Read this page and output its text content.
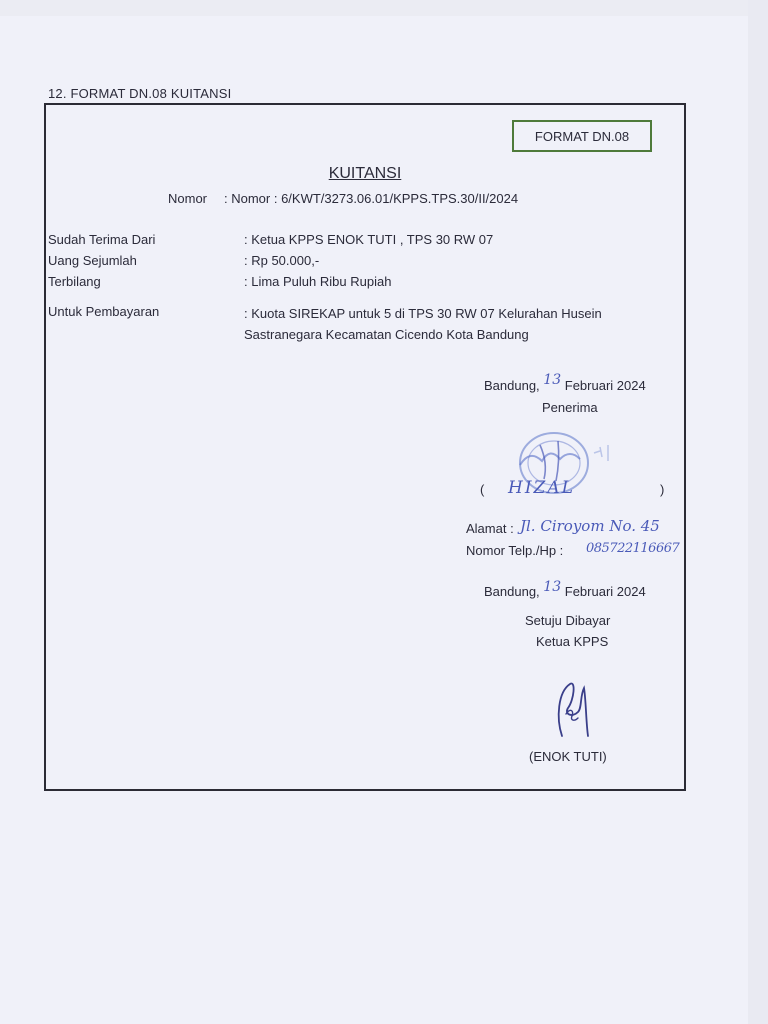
12. FORMAT DN.08 KUITANSI
FORMAT DN.08
KUITANSI
Nomor : Nomor : 6/KWT/3273.06.01/KPPS.TPS.30/II/2024
Sudah Terima Dari	: Ketua KPPS ENOK TUTI , TPS 30 RW 07
Uang Sejumlah	: Rp 50.000,-
Terbilang	: Lima Puluh Ribu Rupiah
Untuk Pembayaran	: Kuota SIREKAP untuk 5 di TPS 30 RW 07 Kelurahan Husein
Sastranegara Kecamatan Cicendo Kota Bandung
Bandung, 13 Februari 2024
Penerima
( HIZAL	)
Alamat : Jl. Ciroyom No. 45
Nomor Telp./Hp : 085722116667
Bandung, 13 Februari 2024
Setuju Dibayar
Ketua KPPS
(ENOK TUTI)
